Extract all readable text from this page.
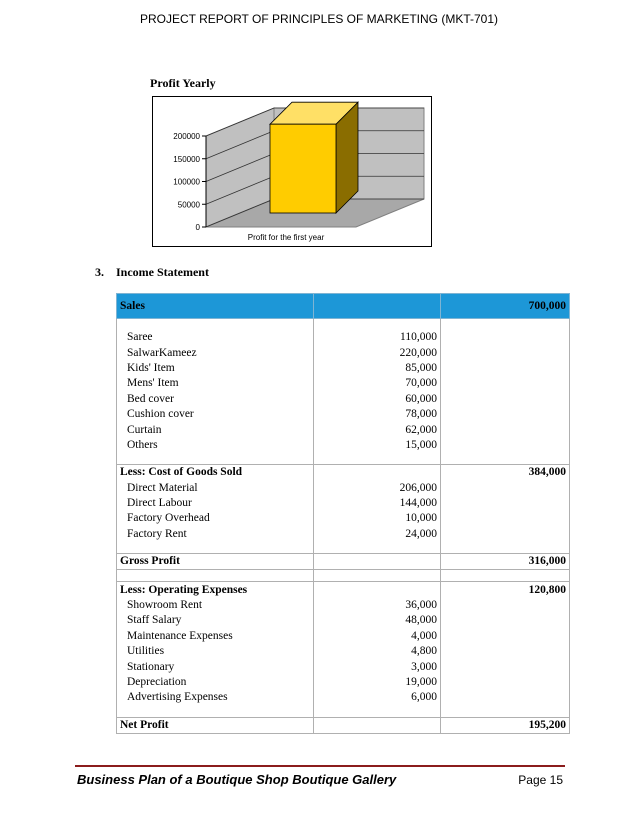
PROJECT REPORT OF PRINCIPLES OF MARKETING (MKT-701)
Profit Yearly
200000
150000
100000
50000
0
Profit for the first year
3. Income Statement
Sales		700,000

Saree	110,000	
SalwarKameez	220,000	
Kids' Item	85,000	
Mens' Item	70,000	
Bed cover	60,000	
Cushion cover	78,000	
Curtain	62,000	
Others	15,000	

Less: Cost of Goods Sold		384,000
Direct Material	206,000	
Direct Labour	144,000	
Factory Overhead	10,000	
Factory Rent	24,000	

Gross Profit		316,000

Less: Operating Expenses		120,800
Showroom Rent	36,000	
Staff Salary	48,000	
Maintenance Expenses	4,000	
Utilities	4,800	
Stationary	3,000	
Depreciation	19,000	
Advertising Expenses	6,000	

Net Profit		195,200
Business Plan of a Boutique Shop Boutique Gallery	Page 15
